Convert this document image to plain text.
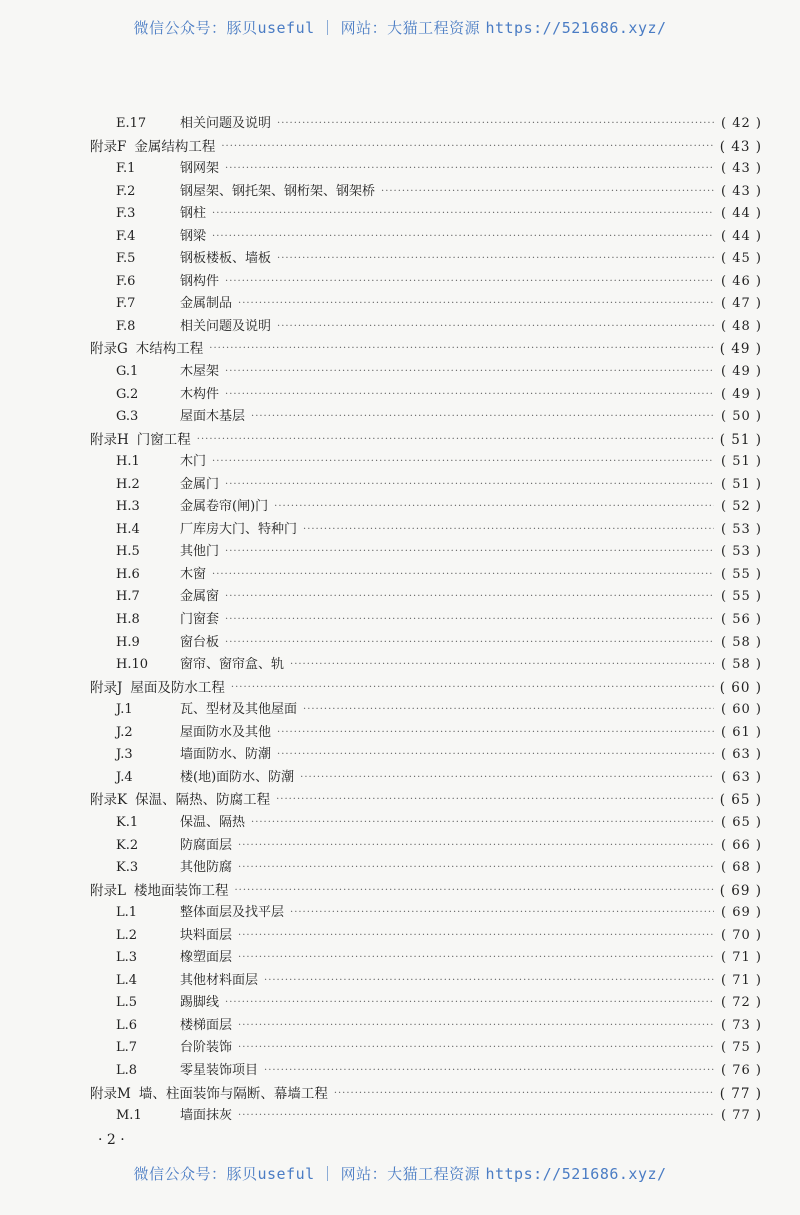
微信公众号：豚贝useful ｜ 网站：大猫工程资源 https://521686.xyz/
E.17	相关问题及说明 ·····	( 42 )
附录F 金属结构工程 ·····	( 43 )
F.1	钢网架 ·····	( 43 )
F.2	钢屋架、钢托架、钢桁架、钢架桥 ·····	( 43 )
F.3	钢柱 ·····	( 44 )
F.4	钢梁 ·····	( 44 )
F.5	钢板楼板、墙板 ·····	( 45 )
F.6	钢构件 ·····	( 46 )
F.7	金属制品 ·····	( 47 )
F.8	相关问题及说明 ·····	( 48 )
附录G 木结构工程 ·····	( 49 )
G.1	木屋架 ·····	( 49 )
G.2	木构件 ·····	( 49 )
G.3	屋面木基层 ·····	( 50 )
附录H 门窗工程 ·····	( 51 )
H.1	木门 ·····	( 51 )
H.2	金属门 ·····	( 51 )
H.3	金属卷帘(闸)门 ·····	( 52 )
H.4	厂库房大门、特种门 ·····	( 53 )
H.5	其他门 ·····	( 53 )
H.6	木窗 ·····	( 55 )
H.7	金属窗 ·····	( 55 )
H.8	门窗套 ·····	( 56 )
H.9	窗台板 ·····	( 58 )
H.10	窗帘、窗帘盒、轨 ·····	( 58 )
附录J 屋面及防水工程 ·····	( 60 )
J.1	瓦、型材及其他屋面 ·····	( 60 )
J.2	屋面防水及其他 ·····	( 61 )
J.3	墙面防水、防潮 ·····	( 63 )
J.4	楼(地)面防水、防潮 ·····	( 63 )
附录K 保温、隔热、防腐工程 ·····	( 65 )
K.1	保温、隔热 ·····	( 65 )
K.2	防腐面层 ·····	( 66 )
K.3	其他防腐 ·····	( 68 )
附录L 楼地面装饰工程 ·····	( 69 )
L.1	整体面层及找平层 ·····	( 69 )
L.2	块料面层 ·····	( 70 )
L.3	橡塑面层 ·····	( 71 )
L.4	其他材料面层 ·····	( 71 )
L.5	踢脚线 ·····	( 72 )
L.6	楼梯面层 ·····	( 73 )
L.7	台阶装饰 ·····	( 75 )
L.8	零星装饰项目 ·····	( 76 )
附录M 墙、柱面装饰与隔断、幕墙工程 ·····	( 77 )
M.1	墙面抹灰 ·····	( 77 )
· 2 ·
微信公众号：豚贝useful ｜ 网站：大猫工程资源 https://521686.xyz/
